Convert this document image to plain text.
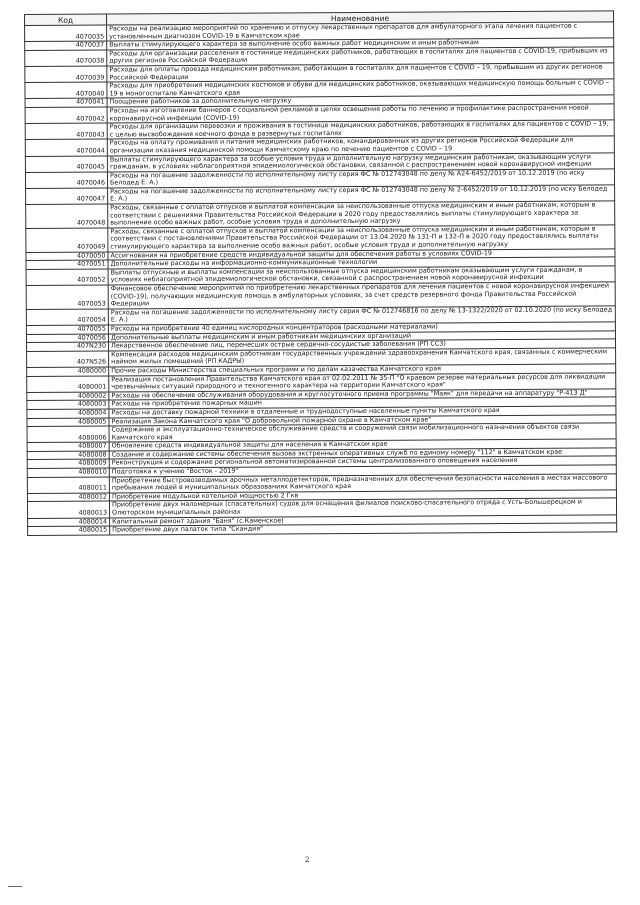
Код	Наименование
4070035	Расходы на реализацию мероприятий по хранению и отпуску лекарственных препаратов для амбулаторного этапа лечения пациентов с установленным диагнозом COVID-19 в Камчатском крае
4070037	Выплаты стимулирующего характера за выполнение особо важных работ медицинским и иным работникам
4070038	Расходы для организации расселения в гостинице медицинских работников, работающих в госпиталях для пациентов с COVID-19, прибывших из других регионов Российской Федерации
4070039	Расходы для оплаты проезда медицинским работникам, работающим в госпиталях для пациентов с COVID – 19, прибывшим из других регионов Российской Федерации
4070040	Расходы для приобретения медицинских костюмов и обуви для медицинских работников, оказывающих медицинскую помощь больным с COVID – 19 в моногоспитале Камчатского края
4070041	Поощрение работников за дополнительную нагрузку
4070042	Расходы на изготовление баннеров с социальной рекламой в целях освещения работы по лечению и профилактике распространения новой коронавирусной инфекции (COVID-19)
4070043	Расходы для организации перевозки и проживания в гостинице медицинских работников, работающих в госпиталях для пациентов с COVID – 19, с целью высвобождения коечного фонда в развернутых госпиталях
4070044	Расходы на оплату проживания и питания медицинских работников, командированных из других регионов Российской Федерации для организации оказания медицинской помощи Камчатскому краю по лечению пациентов с COVID – 19
4070045	Выплаты стимулирующего характера за особые условия труда и дополнительную нагрузку медицинским работникам, оказывающим услуги гражданам, в условиях неблагоприятной эпидемиологической обстановки, связанной с распространением новой коронавирусной инфекции
4070046	Расходы на погашение задолженности по исполнительному листу серия ФС № 012743048 по делу № А24-6452/2019 от 10.12.2019 (по иску Белодед Е. А.)
4070047	Расходы на погашение задолженности по исполнительному листу серия ФС № 012743048 по делу № 2-6452/2019 от 10.12.2019 (по иску Белодед Е. А.)
4070048	Расходы, связанные с оплатой отпусков и выплатой компенсации за неиспользованные отпуска медицинским и иным работникам, которым в соответствии с решениями Правительства Российской Федерации в 2020 году предоставлялись выплаты стимулирующего характера за выполнение особо важных работ, особые условия труда и дополнительную нагрузку
4070049	Расходы, связанные с оплатой отпусков и выплатой компенсации за неиспользованные отпуска медицинским и иным работникам, которым в соответствии с постановлениями Правительства Российской Федерации от 13.04.2020 № 131-П и 132-П в 2020 году предоставлялись выплаты стимулирующего характера за выполнение особо важных работ, особые условия труда и дополнительную нагрузку
4070050	Ассигнования на приобретение средств индивидуальной защиты для обеспечения работы в условиях COVID-19
4070051	Дополнительные расходы на информационно-коммуникационные технологии
4070052	Выплаты отпускные и выплаты компенсации за неиспользованные отпуска медицинским работникам оказывающим услуги гражданам, в условиях неблагоприятной эпидемиологической обстановки, связанной с распространением новой коронавирусной инфекции
4070053	Финансовое обеспечение мероприятий по приобретению лекарственных препаратов для лечения пациентов с новой коронавирусной инфекцией (COVID-19), получающих медицинскую помощь в амбулаторных условиях, за счет средств резервного фонда Правительства Российской Федерации
4070054	Расходы на погашение задолженности по исполнительному листу серия ФС № 012746816 по делу № 13-1322/2020 от 02.10.2020 (по иску Белодед Е. А.)
4070055	Расходы на приобретение 40 единиц кислородных концентраторов (расходными материалами)
4070056	Дополнительные выплаты медицинским и иным работникам медицинских организаций
407N230	Лекарственное обеспечение лиц, перенесших острые сердечно-сосудистые заболевания (РП ССЗ)
407N526	Компенсация расходов медицинским работникам государственных учреждений здравоохранения Камчатского края, связанных с коммерческим наймом жилых помещений (РП КАДРЫ)
4080000	Прочие расходы Министерства специальных программ и по делам казачества Камчатского края
4080001	Реализация постановления Правительства Камчатского края от 02.02.2011 № 35-П "О краевом резерве материальных ресурсов для ликвидации чрезвычайных ситуаций природного и техногенного характера на территории Камчатского края"
4080002	Расходы на обеспечение обслуживания оборудования и круглосуточного приема программы "Маяк" для передачи на аппаратуру "Р-413 Д"
4080003	Расходы на приобретение пожарных машин
4080004	Расходы на доставку пожарной техники в отдаленные и труднодоступные населенные пункты Камчатского края
4080005	Реализация Закона Камчатского края "О добровольной пожарной охране в Камчатском крае"
4080006	Содержание и эксплуатационно-техническое обслуживание средств и сооружений связи мобилизационного назначения объектов связи Камчатского края
4080007	Обновление средств индивидуальной защиты для населения в Камчатском крае
4080008	Создание и содержание системы обеспечения вызова экстренных оперативных служб по единому номеру "112" в Камчатском крае
4080009	Реконструкция и содержание региональной автоматизированной системы централизованного оповещения населения
4080010	Подготовка к учению "Восток - 2019"
4080011	Приобретение быстровозводимых арочных металлодетекторов, предназначенных для обеспечения безопасности населения в местах массового пребывания людей в муниципальных образованиях Камчатского края
4080012	Приобретение модульной котельной мощностью 2 Гкв
4080013	Приобретение двух маломерных (спасательных) судов для оснащения филиалов поисково-спасательного отряда с Усть-Большерецком и Олюторском муниципальных районах
4080014	Капитальный ремонт здания "Баня" (с.Каменское)
4080015	Приобретение двух палаток типа "Скандия"
2
